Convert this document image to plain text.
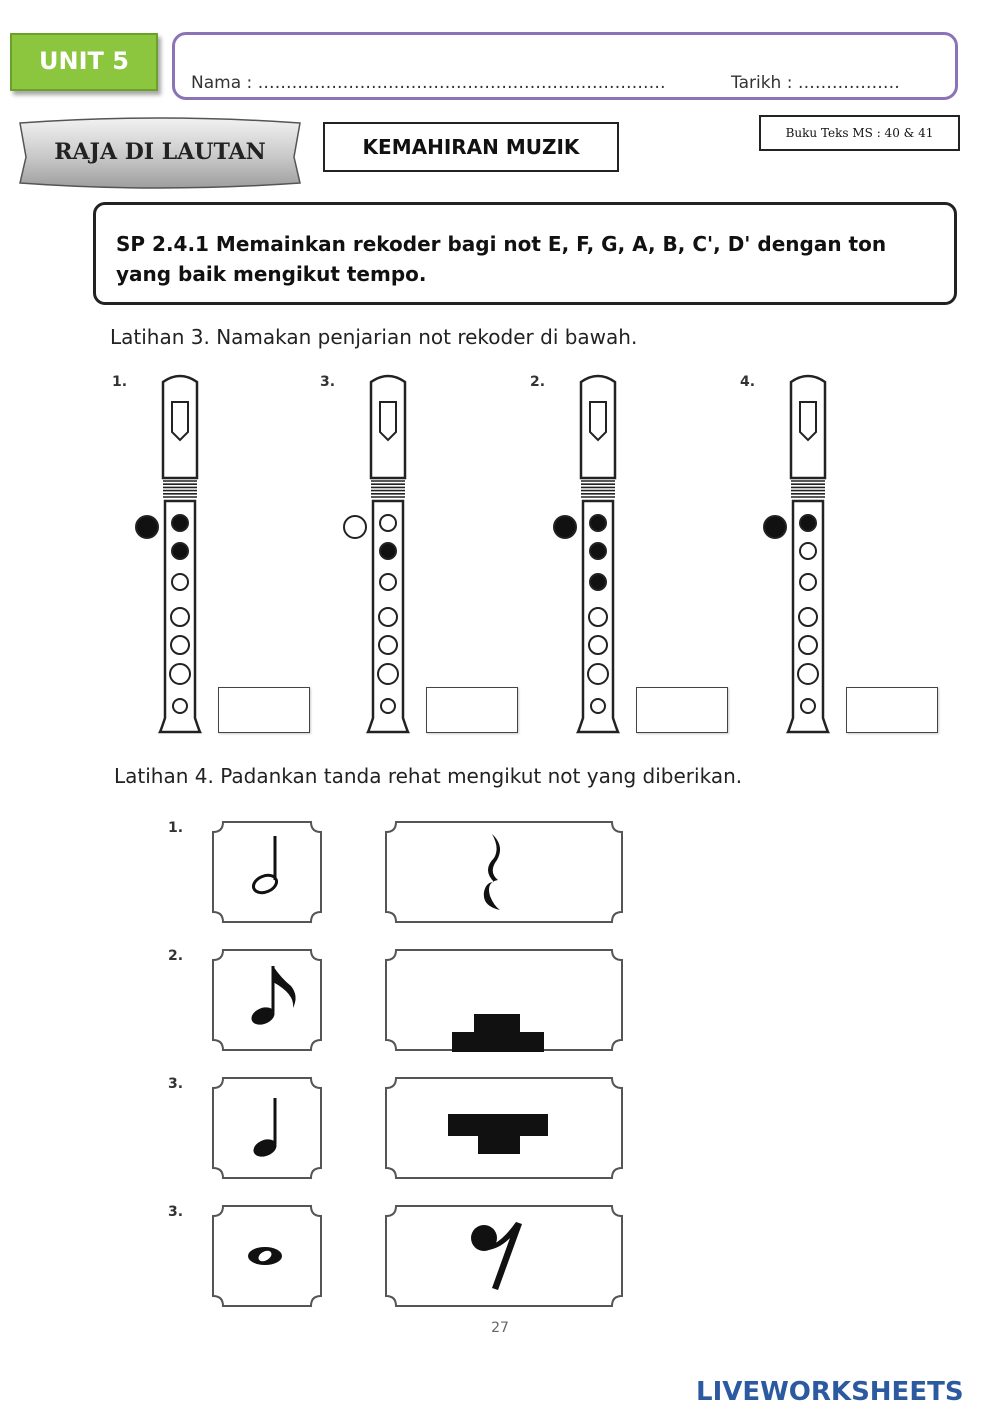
UNIT 5
Nama : ………………………………………………………………	Tarikh : ………………
RAJA DI LAUTAN	KEMAHIRAN MUZIK
Buku Teks MS : 40 & 41
SP 2.4.1 Memainkan rekoder bagi not E, F, G, A, B, C', D' dengan ton yang baik mengikut tempo.
Latihan 3. Namakan penjarian not rekoder di bawah.
1.	3.	2.	4.
Latihan 4. Padankan tanda rehat mengikut not yang diberikan.
1.
2.
3.
3.
27
LIVEWORKSHEETS
